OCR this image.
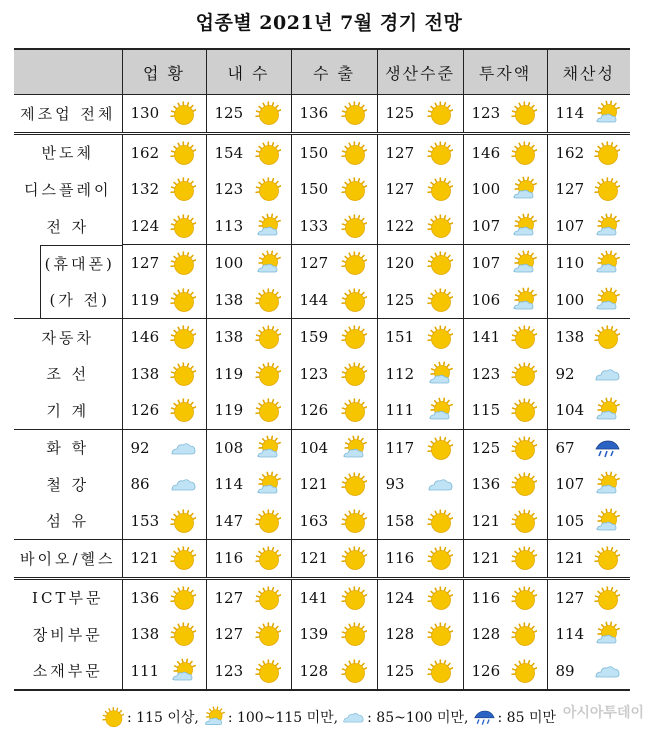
업종별 2021년 7월 경기 전망
	업 황	내 수	수 출	생산수준	투자액	채산성
제조업 전체	130	125	136	125	123	114

반도체	162	154	150	127	146	162

디스플레이	132	123	150	127	100	127

전 자	124	113	133	122	107	107

(휴대폰)	127	100	127	120	107	110

(가 전)	119	138	144	125	106	100

자동차	146	138	159	151	141	138

조 선	138	119	123	112	123	92

기 계	126	119	126	111	115	104

화 학	92	108	104	117	125	67

철 강	86	114	121	93	136	107

섬 유	153	147	163	158	121	105

바이오/헬스	121	116	121	116	121	121

ICT부문	136	127	141	124	116	127

장비부문	138	127	139	128	128	114

소재부문	111	123	128	125	126	89
: 115 이상, : 100~115 미만, : 85~100 미만, : 85 미만 아시아투데이
